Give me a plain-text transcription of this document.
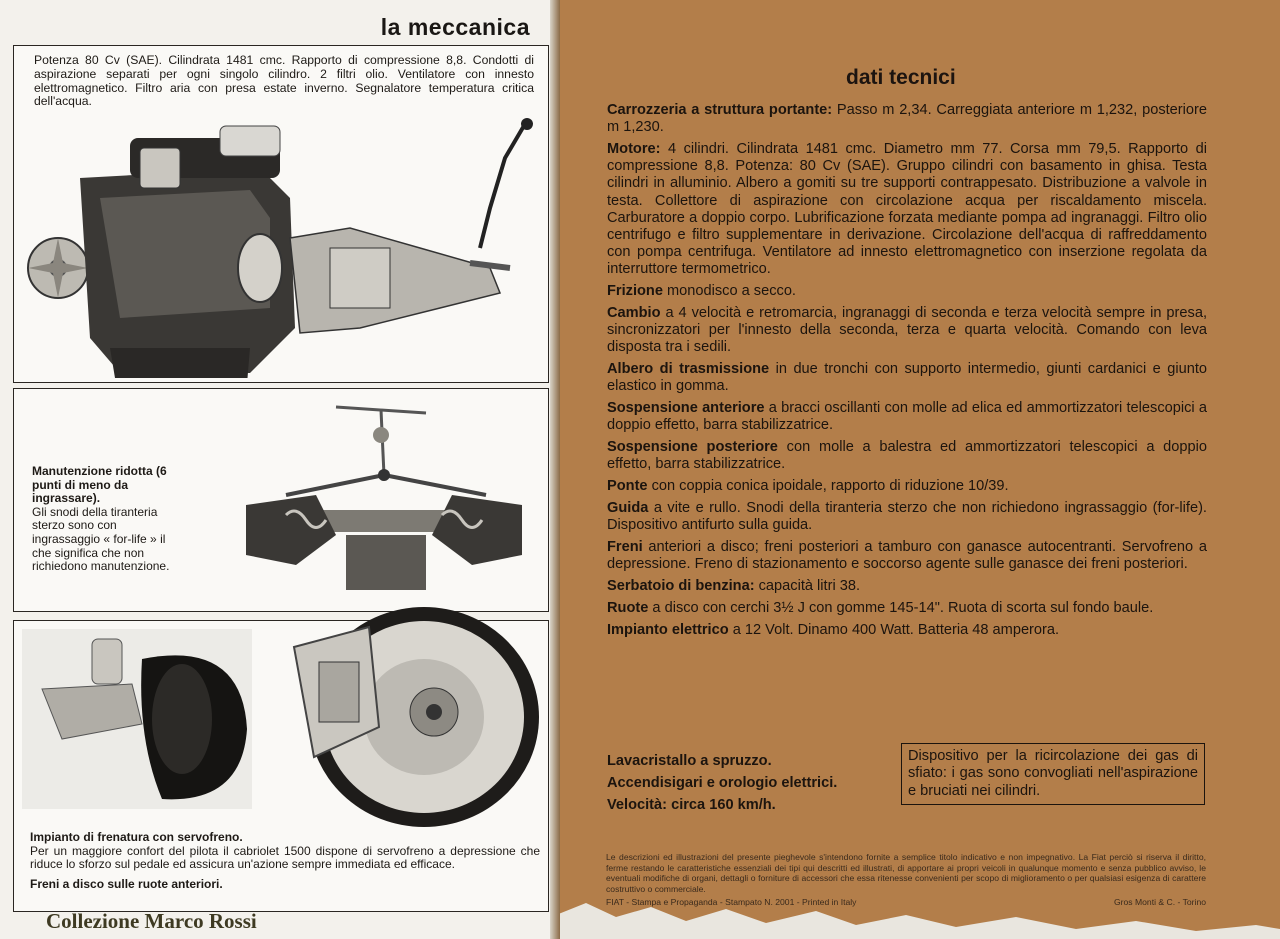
la meccanica
Potenza 80 Cv (SAE). Cilindrata 1481 cmc. Rapporto di compressione 8,8. Condotti di aspirazione separati per ogni singolo cilindro. 2 filtri olio. Ventilatore con innesto elettromagnetico. Filtro aria con presa estate inverno. Segnalatore temperatura critica dell'acqua.
Manutenzione ridotta (6 punti di meno da ingrassare).
Gli snodi della tiranteria sterzo sono con ingrassaggio « for-life » il che significa che non richiedono manutenzione.
Impianto di frenatura con servofreno.
Per un maggiore confort del pilota il cabriolet 1500 dispone di servofreno a depressione che riduce lo sforzo sul pedale ed assicura un'azione sempre immediata ed efficace.
Freni a disco sulle ruote anteriori.
Collezione Marco Rossi
dati tecnici

Carrozzeria a struttura portante: Passo m 2,34. Carreggiata anteriore m 1,232, posteriore m 1,230.

Motore: 4 cilindri. Cilindrata 1481 cmc. Diametro mm 77. Corsa mm 79,5. Rapporto di compressione 8,8. Potenza: 80 Cv (SAE). Gruppo cilindri con basamento in ghisa. Testa cilindri in alluminio. Albero a gomiti su tre supporti contrappesato. Distribuzione a valvole in testa. Collettore di aspirazione con circolazione acqua per riscaldamento miscela. Carburatore a doppio corpo. Lubrificazione forzata mediante pompa ad ingranaggi. Filtro olio centrifugo e filtro supplementare in derivazione. Circolazione dell'acqua di raffreddamento con pompa centrifuga. Ventilatore ad innesto elettromagnetico con inserzione regolata da interruttore termometrico.

Frizione monodisco a secco.

Cambio a 4 velocità e retromarcia, ingranaggi di seconda e terza velocità sempre in presa, sincronizzatori per l'innesto della seconda, terza e quarta velocità. Comando con leva disposta tra i sedili.

Albero di trasmissione in due tronchi con supporto intermedio, giunti cardanici e giunto elastico in gomma.

Sospensione anteriore a bracci oscillanti con molle ad elica ed ammortizzatori telescopici a doppio effetto, barra stabilizzatrice.

Sospensione posteriore con molle a balestra ed ammortizzatori telescopici a doppio effetto, barra stabilizzatrice.

Ponte con coppia conica ipoidale, rapporto di riduzione 10/39.

Guida a vite e rullo. Snodi della tiranteria sterzo che non richiedono ingrassaggio (for-life). Dispositivo antifurto sulla guida.

Freni anteriori a disco; freni posteriori a tamburo con ganasce autocentranti. Servofreno a depressione. Freno di stazionamento e soccorso agente sulle ganasce dei freni posteriori.

Serbatoio di benzina: capacità litri 38.

Ruote a disco con cerchi 3½ J con gomme 145-14". Ruota di scorta sul fondo baule.

Impianto elettrico a 12 Volt. Dinamo 400 Watt. Batteria 48 amperora.

Lavacristallo a spruzzo.
Accendisigari e orologio elettrici.
Velocità: circa 160 km/h.
Dispositivo per la ricircolazione dei gas di sfiato: i gas sono convogliati nell'aspirazione e bruciati nei cilindri.
Le descrizioni ed illustrazioni del presente pieghevole s'intendono fornite a semplice titolo indicativo e non impegnativo. La Fiat perciò si riserva il diritto, ferme restando le caratteristiche essenziali dei tipi qui descritti ed illustrati, di apportare ai propri veicoli in qualunque momento e senza pubblico avviso, le eventuali modifiche di organi, dettagli o forniture di accessori che essa ritenesse convenienti per scopo di miglioramento o per qualsiasi esigenza di carattere costruttivo o commerciale.
FIAT - Stampa e Propaganda - Stampato N. 2001 - Printed in Italy	Gros Monti & C. - Torino
